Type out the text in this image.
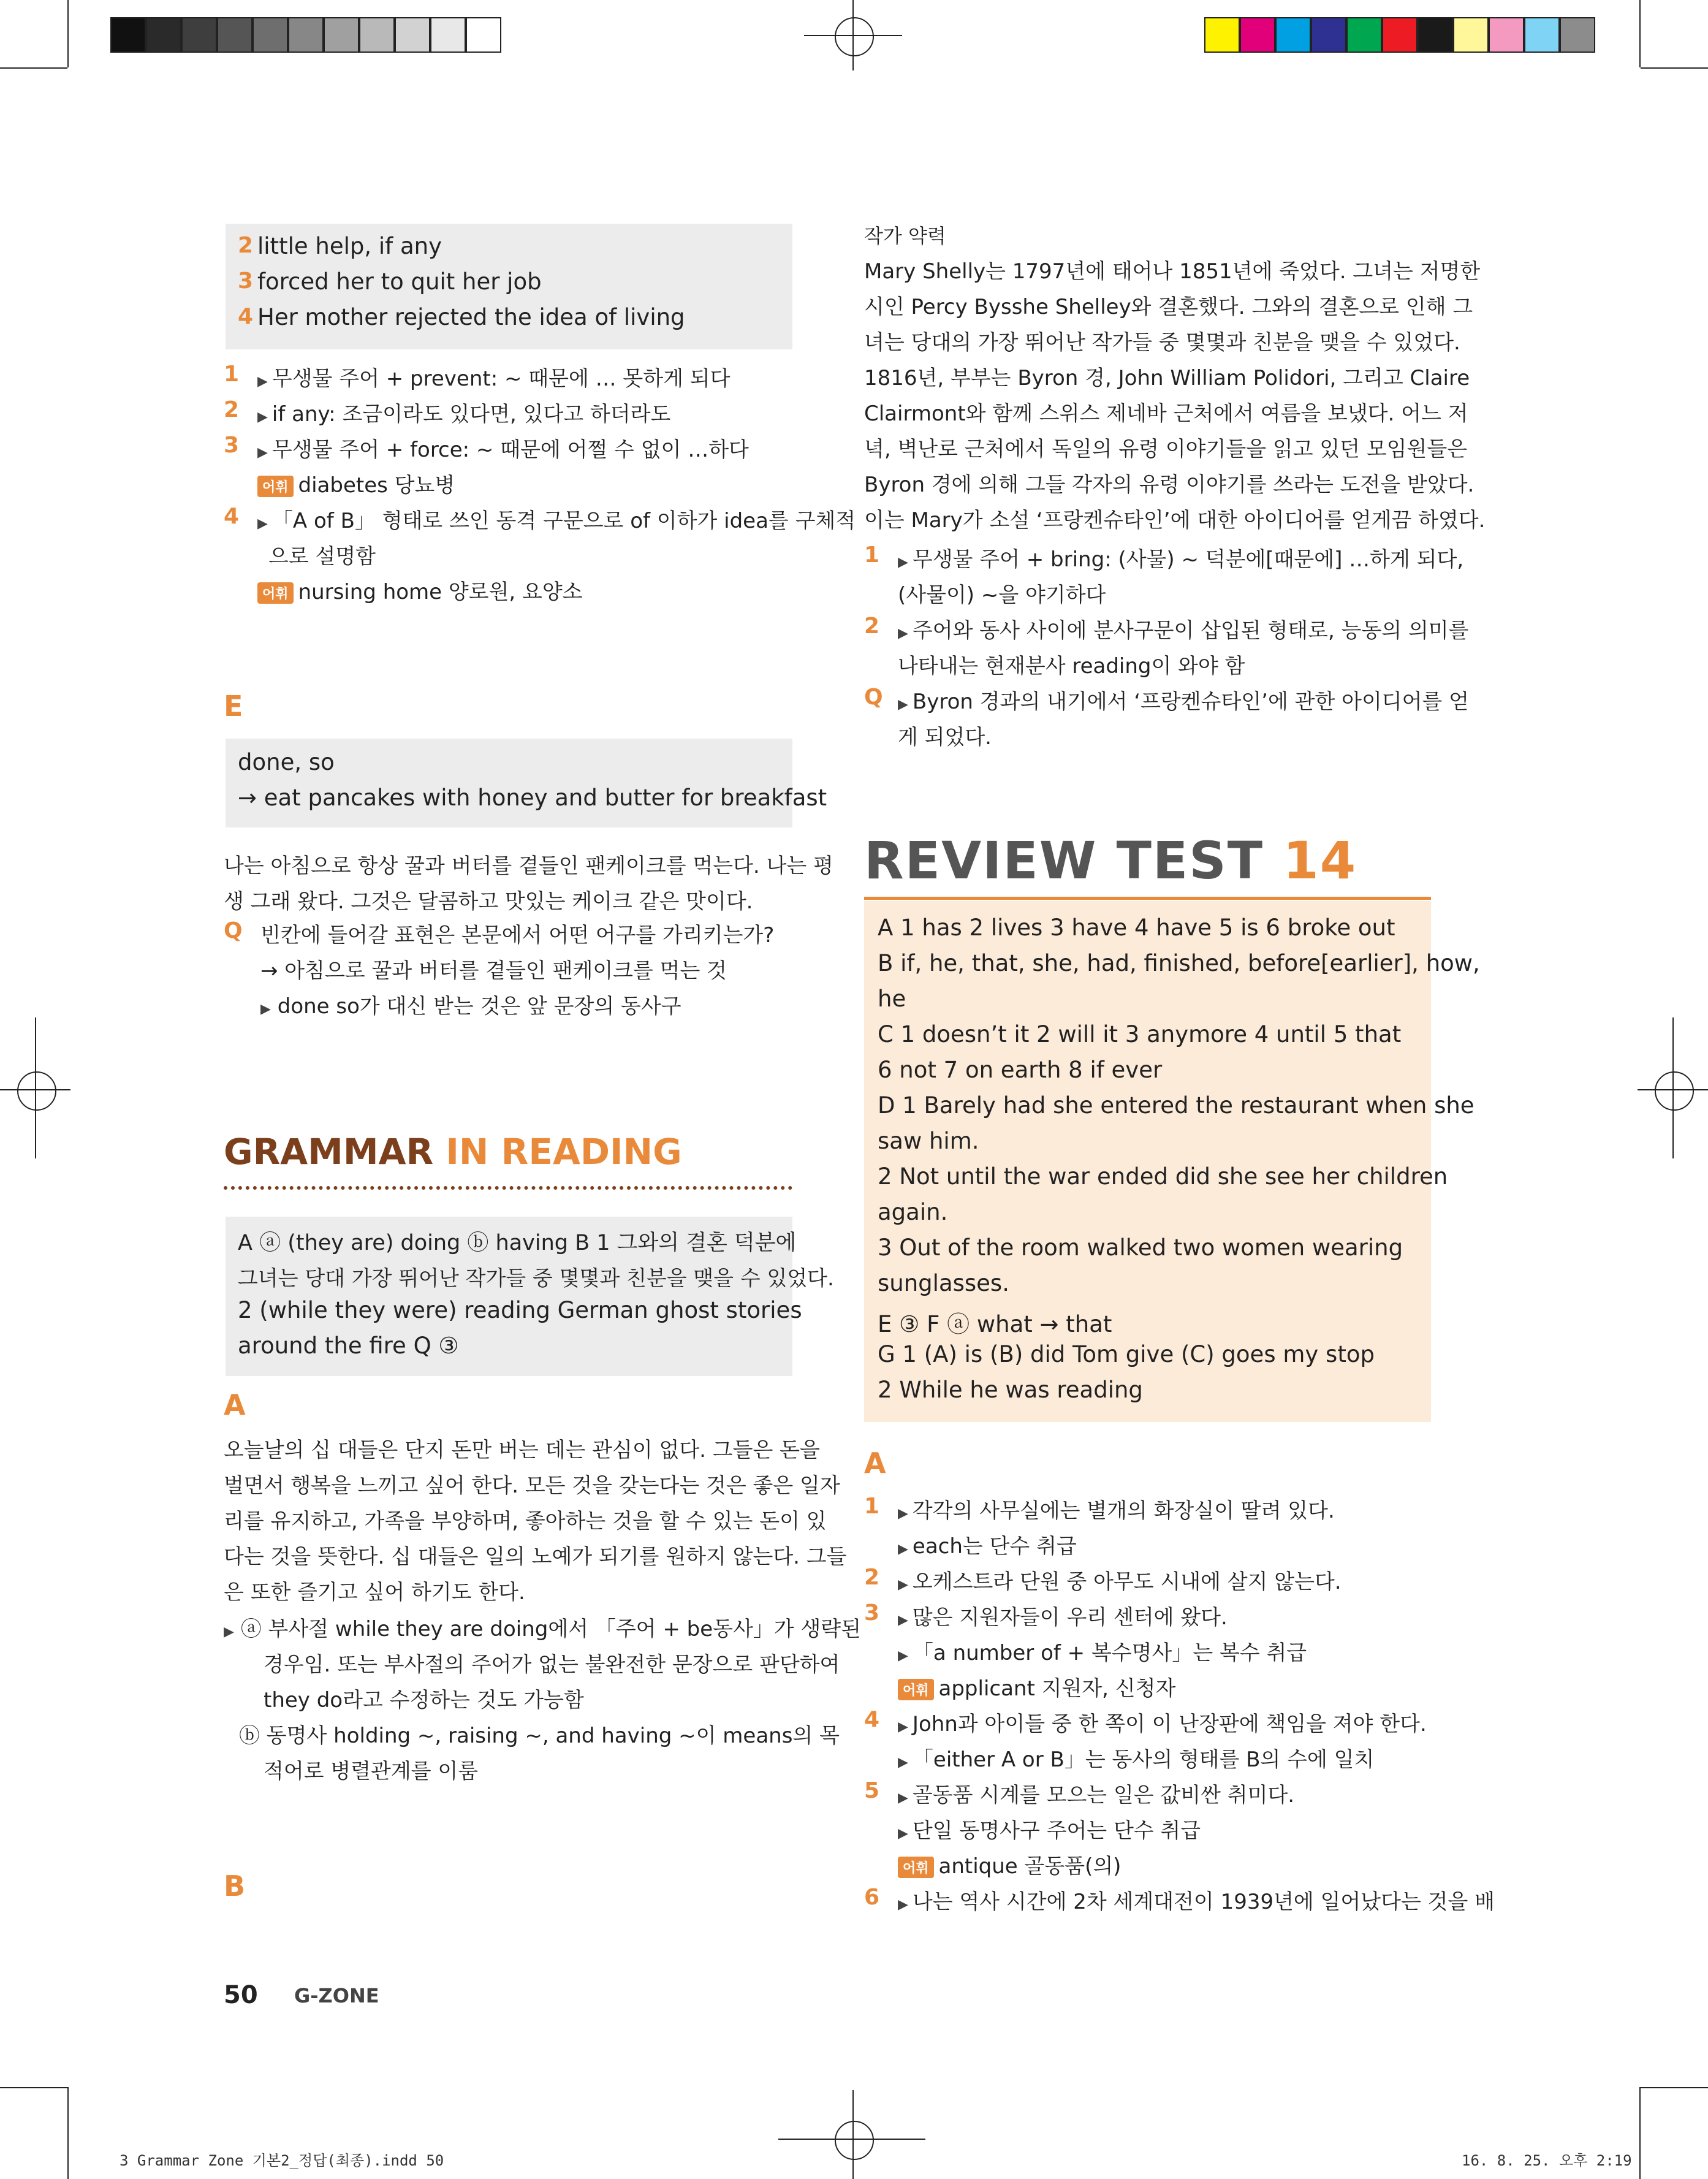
2 little help, if any
3 forced her to quit her job
4 Her mother rejected the idea of living
1 ▶ 무생물 주어 + prevent: ~ 때문에 … 못하게 되다
2 ▶ if any: 조금이라도 있다면, 있다고 하더라도
3 ▶ 무생물 주어 + force: ~ 때문에 어쩔 수 없이 …하다
어휘 diabetes 당뇨병
4 ▶ 「A of B」 형태로 쓰인 동격 구문으로 of 이하가 idea를 구체적
으로 설명함
어휘 nursing home 양로원, 요양소
E
done, so
→ eat pancakes with honey and butter for breakfast
나는 아침으로 항상 꿀과 버터를 곁들인 팬케이크를 먹는다. 나는 평
생 그래 왔다. 그것은 달콤하고 맛있는 케이크 같은 맛이다.
Q 빈칸에 들어갈 표현은 본문에서 어떤 어구를 가리키는가?
→ 아침으로 꿀과 버터를 곁들인 팬케이크를 먹는 것
▶ done so가 대신 받는 것은 앞 문장의 동사구
GRAMMAR IN READING
A ⓐ (they are) doing ⓑ having B 1 그와의 결혼 덕분에
그녀는 당대 가장 뛰어난 작가들 중 몇몇과 친분을 맺을 수 있었다.
2 (while they were) reading German ghost stories
around the fire Q ③
A
오늘날의 십 대들은 단지 돈만 버는 데는 관심이 없다. 그들은 돈을
벌면서 행복을 느끼고 싶어 한다. 모든 것을 갖는다는 것은 좋은 일자
리를 유지하고, 가족을 부양하며, 좋아하는 것을 할 수 있는 돈이 있
다는 것을 뜻한다. 십 대들은 일의 노예가 되기를 원하지 않는다. 그들
은 또한 즐기고 싶어 하기도 한다.
▶ ⓐ 부사절 while they are doing에서 「주어 + be동사」가 생략된
경우임. 또는 부사절의 주어가 없는 불완전한 문장으로 판단하여
they do라고 수정하는 것도 가능함
ⓑ 동명사 holding ~, raising ~, and having ~이 means의 목
적어로 병렬관계를 이룸
B
작가 약력
Mary Shelly는 1797년에 태어나 1851년에 죽었다. 그녀는 저명한
시인 Percy Bysshe Shelley와 결혼했다. 그와의 결혼으로 인해 그
녀는 당대의 가장 뛰어난 작가들 중 몇몇과 친분을 맺을 수 있었다.
1816년, 부부는 Byron 경, John William Polidori, 그리고 Claire
Clairmont와 함께 스위스 제네바 근처에서 여름을 보냈다. 어느 저
녁, 벽난로 근처에서 독일의 유령 이야기들을 읽고 있던 모임원들은
Byron 경에 의해 그들 각자의 유령 이야기를 쓰라는 도전을 받았다.
이는 Mary가 소설 ‘프랑켄슈타인’에 대한 아이디어를 얻게끔 하였다.
1 ▶ 무생물 주어 + bring: (사물) ~ 덕분에[때문에] …하게 되다,
(사물이) ~을 야기하다
2 ▶ 주어와 동사 사이에 분사구문이 삽입된 형태로, 능동의 의미를
나타내는 현재분사 reading이 와야 함
Q ▶ Byron 경과의 내기에서 ‘프랑켄슈타인’에 관한 아이디어를 얻
게 되었다.
REVIEW TEST 14
A 1 has 2 lives 3 have 4 have 5 is 6 broke out
B if, he, that, she, had, finished, before[earlier], how,
he
C 1 doesn’t it 2 will it 3 anymore 4 until 5 that
6 not 7 on earth 8 if ever
D 1 Barely had she entered the restaurant when she
saw him.
2 Not until the war ended did she see her children
again.
3 Out of the room walked two women wearing
sunglasses.
E ③ F ⓐ what → that
G 1 (A) is (B) did Tom give (C) goes my stop
2 While he was reading
A
1 ▶ 각각의 사무실에는 별개의 화장실이 딸려 있다.
▶ each는 단수 취급
2 ▶ 오케스트라 단원 중 아무도 시내에 살지 않는다.
3 ▶ 많은 지원자들이 우리 센터에 왔다.
▶ 「a number of + 복수명사」는 복수 취급
어휘 applicant 지원자, 신청자
4 ▶ John과 아이들 중 한 쪽이 이 난장판에 책임을 져야 한다.
▶ 「either A or B」는 동사의 형태를 B의 수에 일치
5 ▶ 골동품 시계를 모으는 일은 값비싼 취미다.
▶ 단일 동명사구 주어는 단수 취급
어휘 antique 골동품(의)
6 ▶ 나는 역사 시간에 2차 세계대전이 1939년에 일어났다는 것을 배
50 G-ZONE
3 Grammar Zone 기본2_정답(최종).indd 50	16. 8. 25. 오후 2:19
